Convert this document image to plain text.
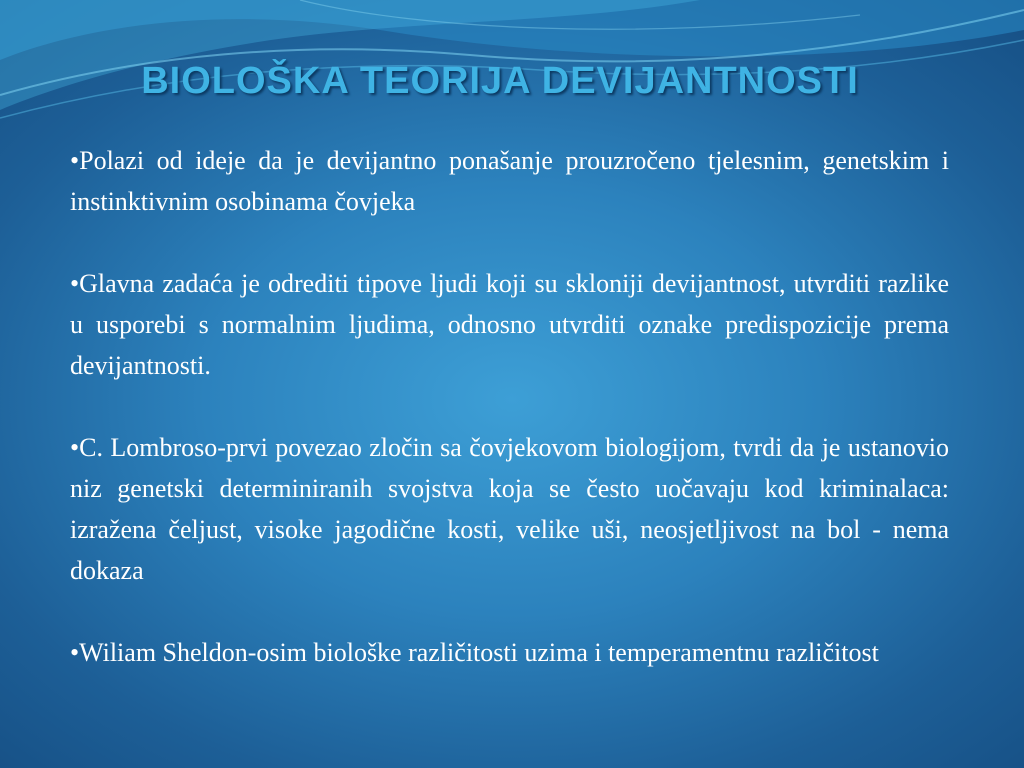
BIOLOŠKA TEORIJA DEVIJANTNOSTI

•Polazi od ideje da je devijantno ponašanje prouzročeno tjelesnim, genetskim i instinktivnim osobinama čovjeka

•Glavna zadaća je odrediti tipove ljudi koji su skloniji devijantnost, utvrditi razlike u usporebi s normalnim ljudima, odnosno utvrditi oznake predispozicije prema devijantnosti.

•C. Lombroso-prvi povezao zločin sa čovjekovom biologijom, tvrdi da je ustanovio niz genetski determiniranih svojstva koja se često uočavaju kod kriminalaca: izražena čeljust, visoke jagodične kosti, velike uši, neosjetljivost na bol - nema dokaza

•Wiliam Sheldon-osim biološke različitosti uzima i temperamentnu različitost
